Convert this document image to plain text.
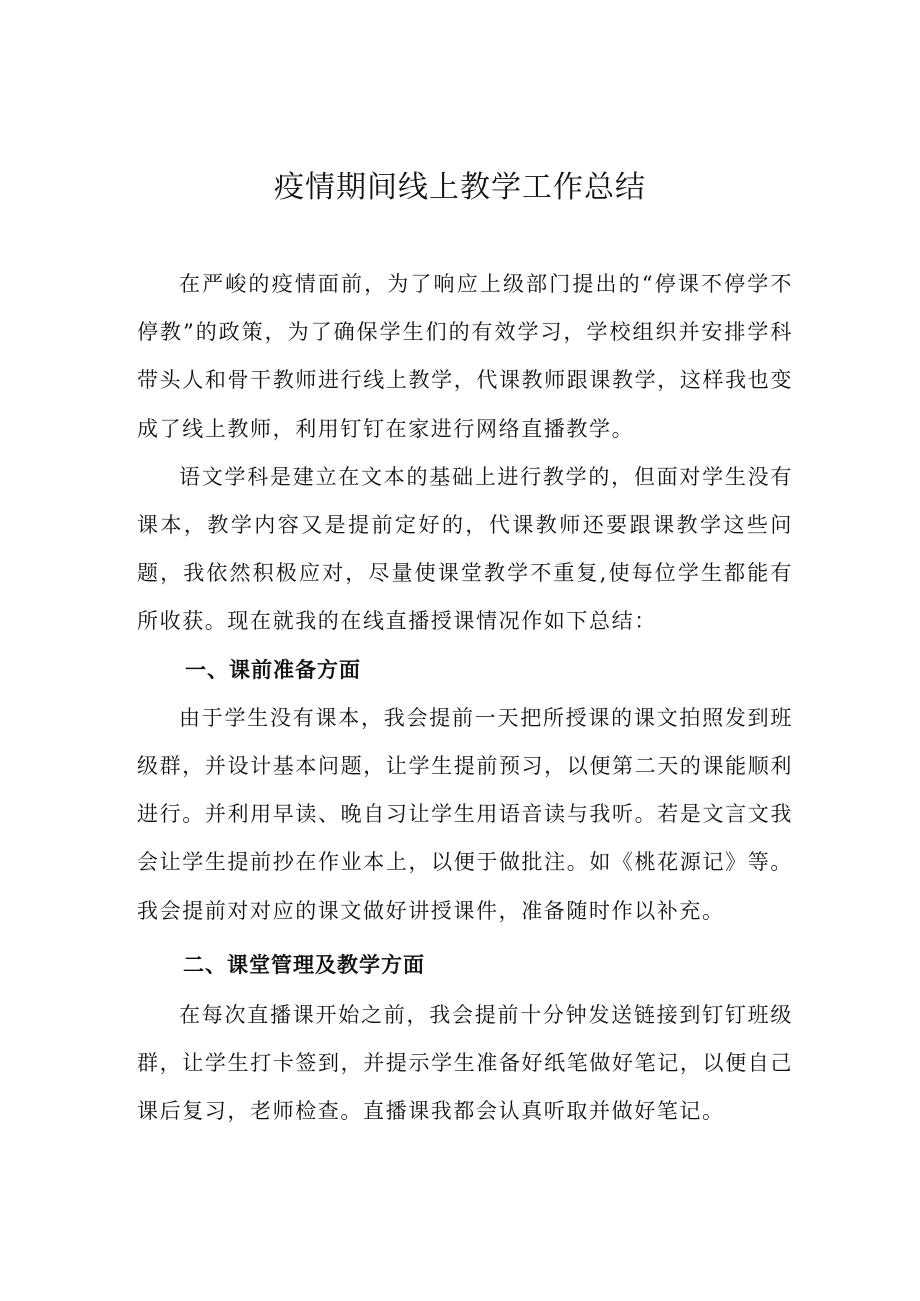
疫情期间线上教学工作总结

在严峻的疫情面前，为了响应上级部门提出的“停课不停学不停教”的政策，为了确保学生们的有效学习，学校组织并安排学科带头人和骨干教师进行线上教学，代课教师跟课教学，这样我也变成了线上教师，利用钉钉在家进行网络直播教学。

语文学科是建立在文本的基础上进行教学的，但面对学生没有课本，教学内容又是提前定好的，代课教师还要跟课教学这些问题，我依然积极应对，尽量使课堂教学不重复,使每位学生都能有所收获。现在就我的在线直播授课情况作如下总结：

一、课前准备方面

由于学生没有课本，我会提前一天把所授课的课文拍照发到班级群，并设计基本问题，让学生提前预习，以便第二天的课能顺利进行。并利用早读、晚自习让学生用语音读与我听。若是文言文我会让学生提前抄在作业本上，以便于做批注。如《桃花源记》等。我会提前对对应的课文做好讲授课件，准备随时作以补充。

二、课堂管理及教学方面

在每次直播课开始之前，我会提前十分钟发送链接到钉钉班级群，让学生打卡签到，并提示学生准备好纸笔做好笔记，以便自己课后复习，老师检查。直播课我都会认真听取并做好笔记。
